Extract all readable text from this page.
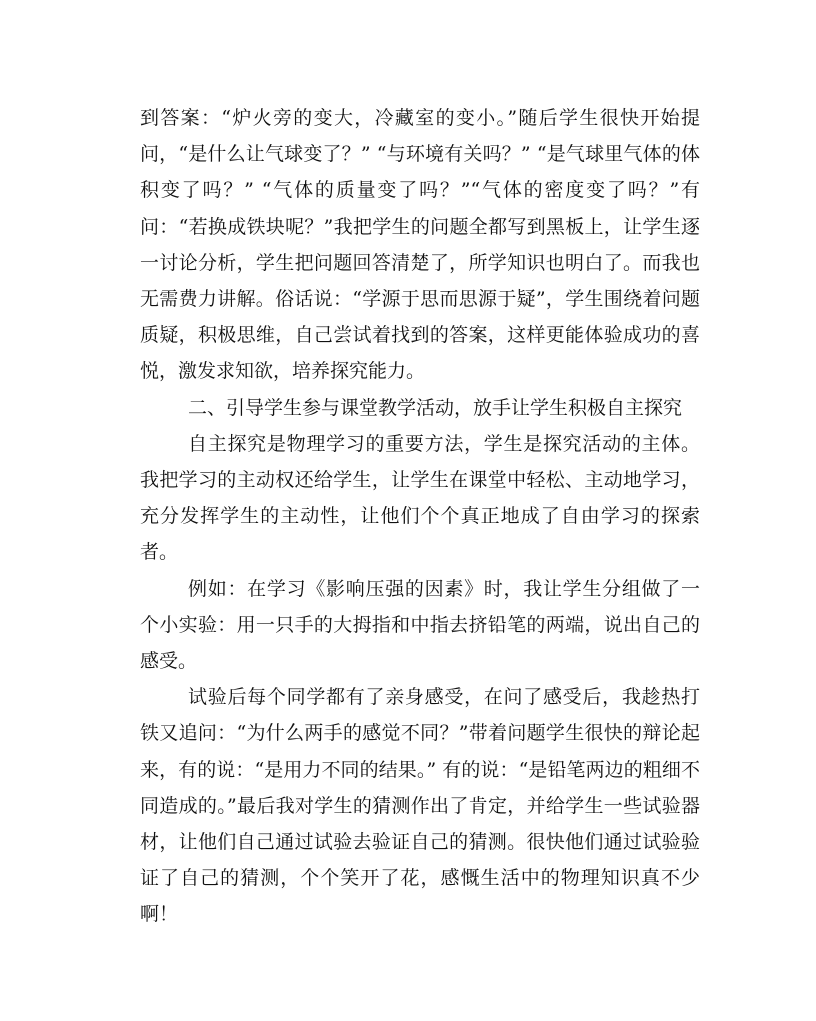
到答案：“炉火旁的变大，冷藏室的变小。”随后学生很快开始提问，“是什么让气球变了？” “与环境有关吗？” “是气球里气体的体积变了吗？” “气体的质量变了吗？”“气体的密度变了吗？”有问：“若换成铁块呢？”我把学生的问题全都写到黑板上，让学生逐一讨论分析，学生把问题回答清楚了，所学知识也明白了。而我也无需费力讲解。俗话说：“学源于思而思源于疑”，学生围绕着问题质疑，积极思维，自己尝试着找到的答案，这样更能体验成功的喜悦，激发求知欲，培养探究能力。

二、引导学生参与课堂教学活动，放手让学生积极自主探究

自主探究是物理学习的重要方法，学生是探究活动的主体。我把学习的主动权还给学生，让学生在课堂中轻松、主动地学习，充分发挥学生的主动性，让他们个个真正地成了自由学习的探索者。

例如：在学习《影响压强的因素》时，我让学生分组做了一个小实验：用一只手的大拇指和中指去挤铅笔的两端，说出自己的感受。

试验后每个同学都有了亲身感受，在问了感受后，我趁热打铁又追问：“为什么两手的感觉不同？”带着问题学生很快的辩论起来，有的说：“是用力不同的结果。” 有的说：“是铅笔两边的粗细不同造成的。”最后我对学生的猜测作出了肯定，并给学生一些试验器材，让他们自己通过试验去验证自己的猜测。很快他们通过试验验证了自己的猜测，个个笑开了花，感慨生活中的物理知识真不少啊！
